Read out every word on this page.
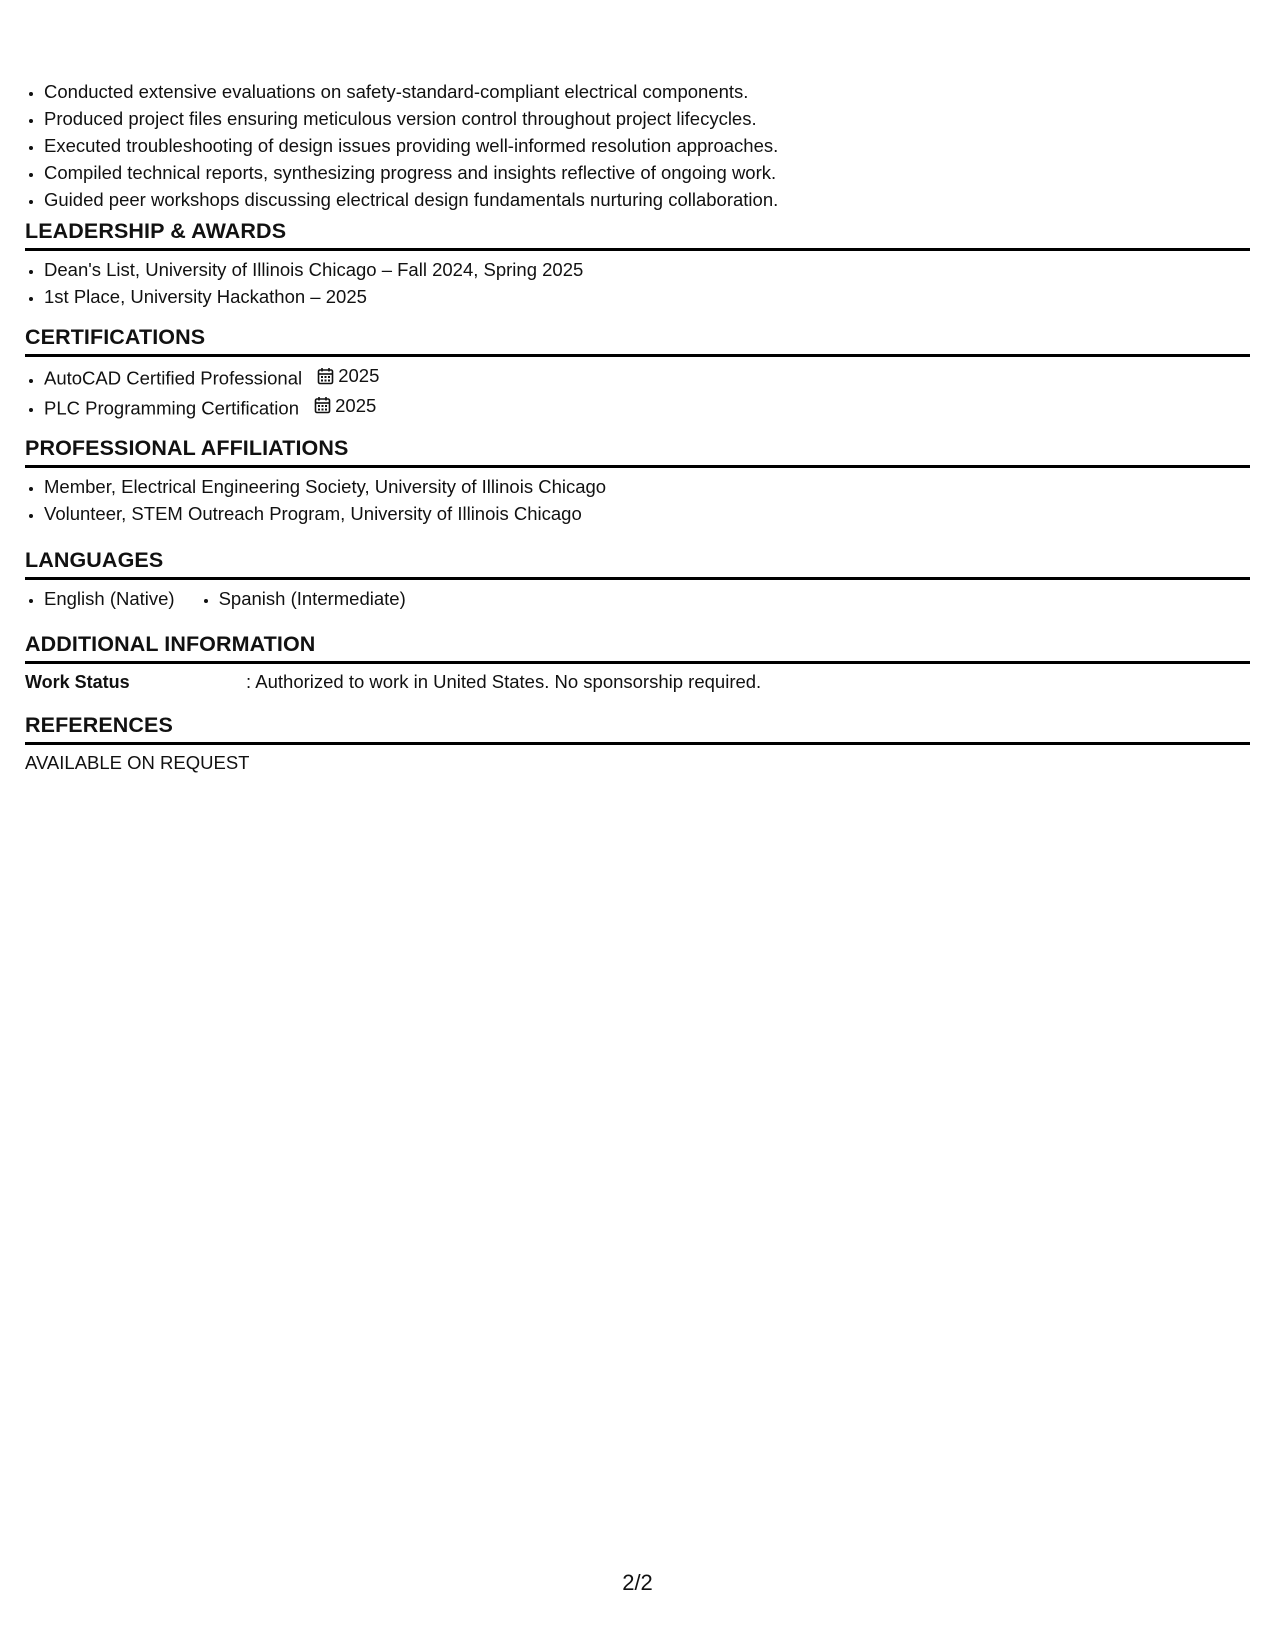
• Conducted extensive evaluations on safety-standard-compliant electrical components.
• Produced project files ensuring meticulous version control throughout project lifecycles.
• Executed troubleshooting of design issues providing well-informed resolution approaches.
• Compiled technical reports, synthesizing progress and insights reflective of ongoing work.
• Guided peer workshops discussing electrical design fundamentals nurturing collaboration.
LEADERSHIP & AWARDS
• Dean's List, University of Illinois Chicago – Fall 2024, Spring 2025
• 1st Place, University Hackathon – 2025
CERTIFICATIONS
• AutoCAD Certified Professional 2025
• PLC Programming Certification 2025
PROFESSIONAL AFFILIATIONS
• Member, Electrical Engineering Society, University of Illinois Chicago
• Volunteer, STEM Outreach Program, University of Illinois Chicago
LANGUAGES
• English (Native)
• Spanish (Intermediate)
ADDITIONAL INFORMATION
Work Status	: Authorized to work in United States. No sponsorship required.
REFERENCES
AVAILABLE ON REQUEST
2/2
